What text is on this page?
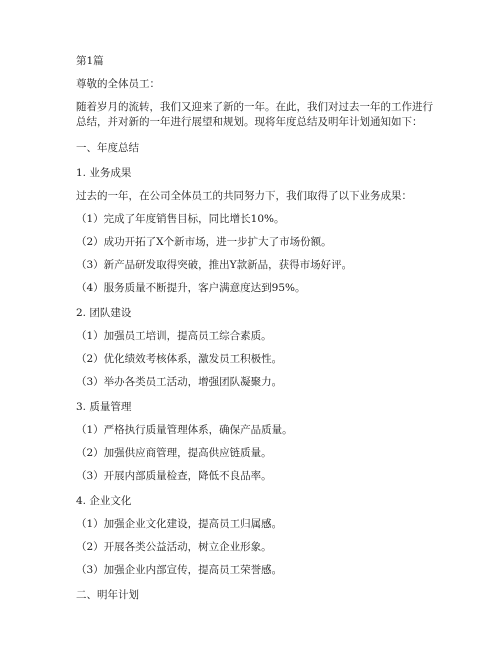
第1篇
尊敬的全体员工：
随着岁月的流转，我们又迎来了新的一年。在此，我们对过去一年的工作进行总结，并对新的一年进行展望和规划。现将年度总结及明年计划通知如下：
一、年度总结
1. 业务成果
过去的一年，在公司全体员工的共同努力下，我们取得了以下业务成果：
（1）完成了年度销售目标，同比增长10%。
（2）成功开拓了X个新市场，进一步扩大了市场份额。
（3）新产品研发取得突破，推出Y款新品，获得市场好评。
（4）服务质量不断提升，客户满意度达到95%。
2. 团队建设
（1）加强员工培训，提高员工综合素质。
（2）优化绩效考核体系，激发员工积极性。
（3）举办各类员工活动，增强团队凝聚力。
3. 质量管理
（1）严格执行质量管理体系，确保产品质量。
（2）加强供应商管理，提高供应链质量。
（3）开展内部质量检查，降低不良品率。
4. 企业文化
（1）加强企业文化建设，提高员工归属感。
（2）开展各类公益活动，树立企业形象。
（3）加强企业内部宣传，提高员工荣誉感。
二、明年计划
